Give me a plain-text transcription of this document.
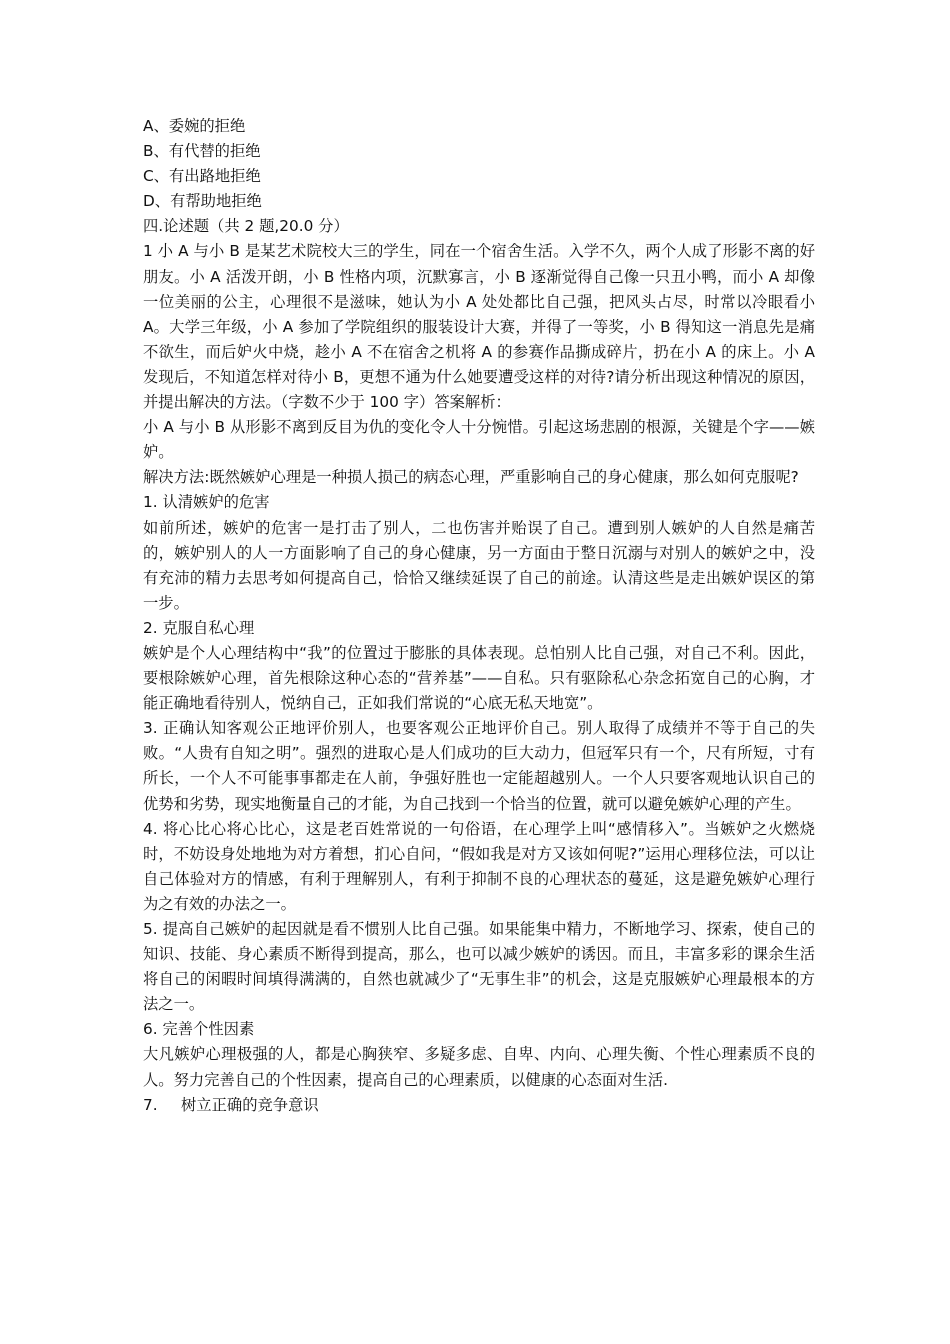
A、委婉的拒绝
B、有代替的拒绝
C、有出路地拒绝
D、有帮助地拒绝
四.论述题（共 2 题,20.0 分）
1 小 A 与小 B 是某艺术院校大三的学生，同在一个宿舍生活。入学不久，两个人成了形影不离的好朋友。小 A 活泼开朗，小 B 性格内项，沉默寡言，小 B 逐渐觉得自己像一只丑小鸭，而小 A 却像一位美丽的公主，心理很不是滋味，她认为小 A 处处都比自己强，把风头占尽，时常以冷眼看小 A。大学三年级，小 A 参加了学院组织的服装设计大赛，并得了一等奖，小 B 得知这一消息先是痛不欲生，而后妒火中烧，趁小 A 不在宿舍之机将 A 的参赛作品撕成碎片，扔在小 A 的床上。小 A 发现后，不知道怎样对待小 B，更想不通为什么她要遭受这样的对待?请分析出现这种情况的原因，并提出解决的方法。（字数不少于 100 字）答案解析：
小 A 与小 B 从形影不离到反目为仇的变化令人十分惋惜。引起这场悲剧的根源，关键是个字——嫉妒。
解决方法:既然嫉妒心理是一种损人损己的病态心理，严重影响自己的身心健康，那么如何克服呢?
1. 认清嫉妒的危害
如前所述，嫉妒的危害一是打击了别人，二也伤害并贻误了自己。遭到别人嫉妒的人自然是痛苦的，嫉妒别人的人一方面影响了自己的身心健康，另一方面由于整日沉溺与对别人的嫉妒之中，没有充沛的精力去思考如何提高自己，恰恰又继续延误了自己的前途。认清这些是走出嫉妒误区的第一步。
2. 克服自私心理
嫉妒是个人心理结构中“我”的位置过于膨胀的具体表现。总怕别人比自己强，对自己不利。因此，要根除嫉妒心理，首先根除这种心态的“营养基”——自私。只有驱除私心杂念拓宽自己的心胸，才能正确地看待别人，悦纳自己，正如我们常说的“心底无私天地宽”。
3. 正确认知客观公正地评价别人，也要客观公正地评价自己。别人取得了成绩并不等于自己的失败。“人贵有自知之明”。强烈的进取心是人们成功的巨大动力，但冠军只有一个，尺有所短，寸有所长，一个人不可能事事都走在人前，争强好胜也一定能超越别人。一个人只要客观地认识自己的优势和劣势，现实地衡量自己的才能，为自己找到一个恰当的位置，就可以避免嫉妒心理的产生。
4. 将心比心将心比心，这是老百姓常说的一句俗语，在心理学上叫“感情移入”。当嫉妒之火燃烧时，不妨设身处地地为对方着想，扪心自问，“假如我是对方又该如何呢?”运用心理移位法，可以让自己体验对方的情感，有利于理解别人，有利于抑制不良的心理状态的蔓延，这是避免嫉妒心理行为之有效的办法之一。
5. 提高自己嫉妒的起因就是看不惯别人比自己强。如果能集中精力，不断地学习、探索，使自己的知识、技能、身心素质不断得到提高，那么，也可以减少嫉妒的诱因。而且，丰富多彩的课余生活将自己的闲暇时间填得满满的，自然也就减少了“无事生非”的机会，这是克服嫉妒心理最根本的方法之一。
6. 完善个性因素
大凡嫉妒心理极强的人，都是心胸狭窄、多疑多虑、自卑、内向、心理失衡、个性心理素质不良的人。努力完善自己的个性因素，提高自己的心理素质，以健康的心态面对生活.
7. 树立正确的竞争意识
